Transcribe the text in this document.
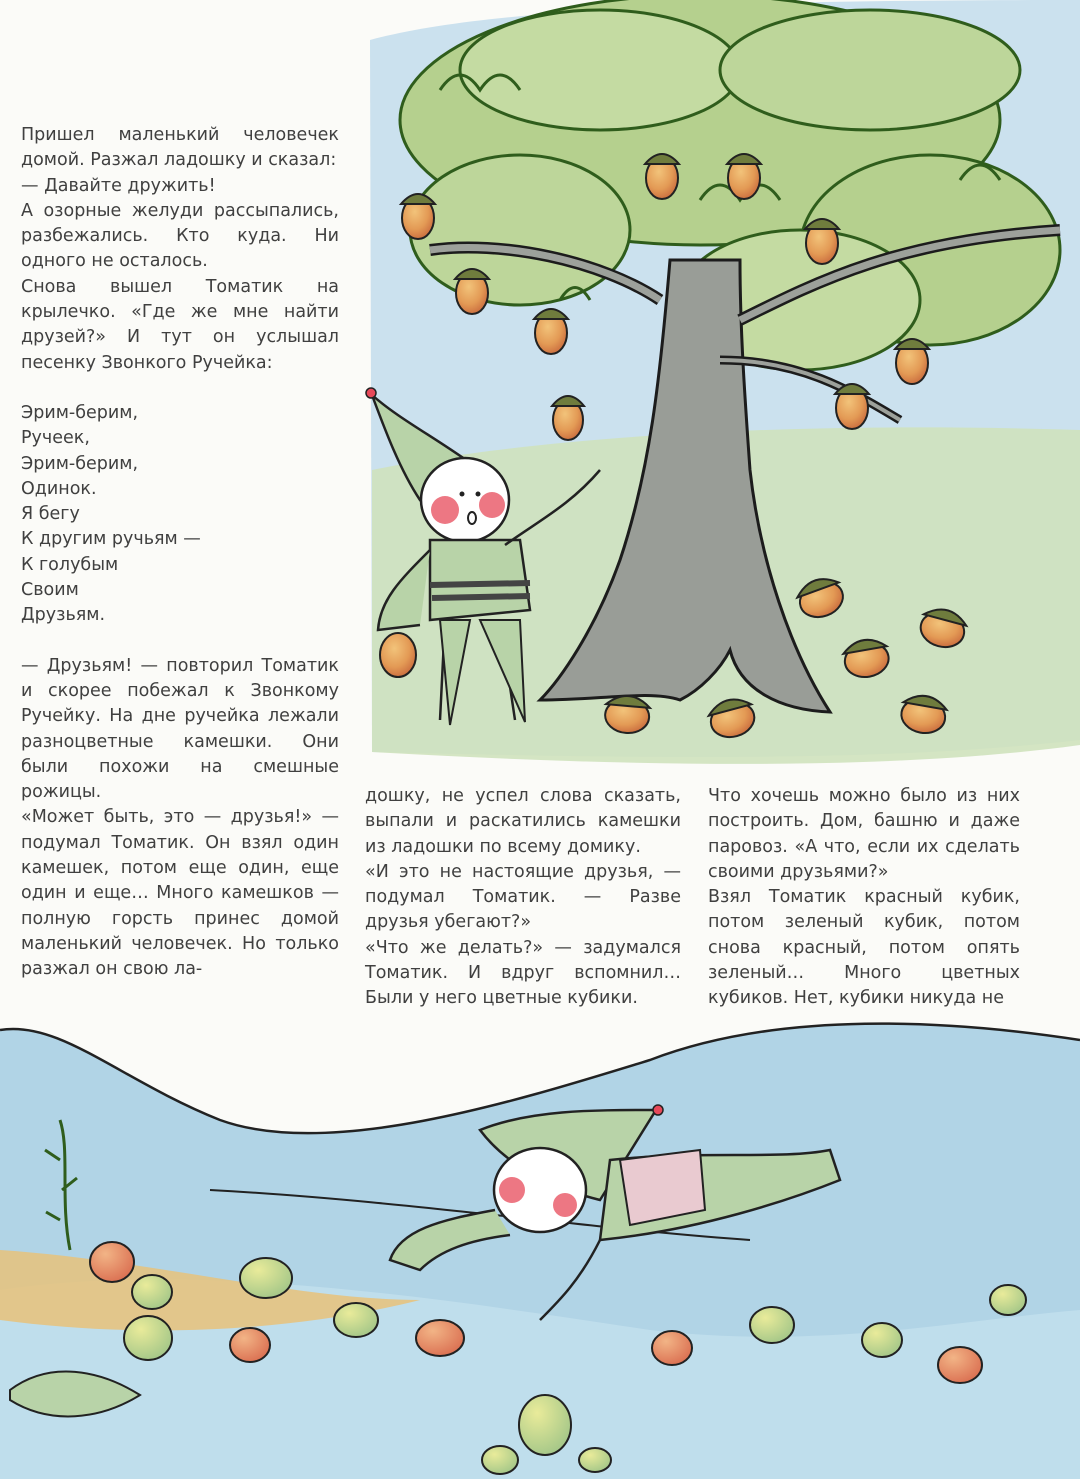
Пришел маленький человечек домой. Разжал ладошку и сказал:

— Давайте дружить!

А озорные желуди рассыпались, разбежались. Кто куда. Ни одного не осталось.

Снова вышел Томатик на крылечко. «Где же мне найти друзей?» И тут он услышал песенку Звонкого Ручейка:

Эрим-берим,

Ручеек,

Эрим-берим,

Одинок.

Я бегу

К другим ручьям —

К голубым

Своим

Друзьям.

— Друзьям! — повторил Томатик и скорее побежал к Звонкому Ручейку. На дне ручейка лежали разноцветные камешки. Они были похожи на смешные рожицы.

«Может быть, это — друзья!» — подумал Томатик. Он взял один камешек, потом еще один, еще один и еще… Много камешков — полную горсть принес домой маленький человечек. Но только разжал он свою ла-

дошку, не успел слова сказать, выпали и раскатились камешки из ладошки по всему домику.

«И это не настоящие друзья, — подумал Томатик. — Разве друзья убегают?»

«Что же делать?» — задумался Томатик. И вдруг вспомнил… Были у него цветные кубики.

Что хочешь можно было из них построить. Дом, башню и даже паровоз. «А что, если их сделать своими друзьями?»

Взял Томатик красный кубик, потом зеленый кубик, потом снова красный, потом опять зеленый… Много цветных кубиков. Нет, кубики никуда не
